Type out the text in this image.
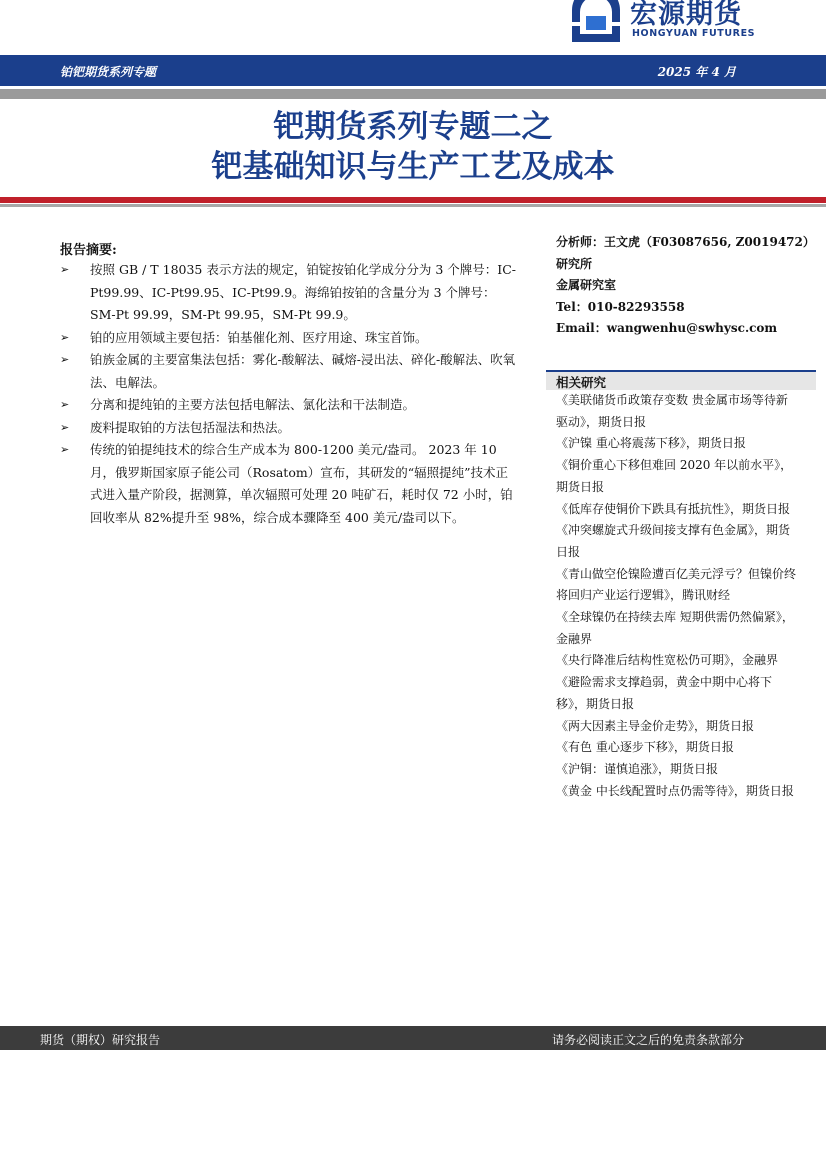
宏源期货
HONGYUAN FUTURES
铂钯期货系列专题	2025 年 4 月
钯期货系列专题二之
钯基础知识与生产工艺及成本
报告摘要:
➢ 按照 GB / T 18035 表示方法的规定，铂锭按铂化学成分分为 3 个牌号：IC-Pt99.99、IC-Pt99.95、IC-Pt99.9。海绵铂按铂的含量分为 3 个牌号：SM-Pt 99.99，SM-Pt 99.95，SM-Pt 99.9。
➢ 铂的应用领域主要包括：铂基催化剂、医疗用途、珠宝首饰。
➢ 铂族金属的主要富集法包括：雾化-酸解法、碱熔-浸出法、碎化-酸解法、吹氧法、电解法。
➢ 分离和提纯铂的主要方法包括电解法、氯化法和干法制造。
➢ 废料提取铂的方法包括湿法和热法。
➢ 传统的铂提纯技术的综合生产成本为 800-1200 美元/盎司。 2023 年 10 月，俄罗斯国家原子能公司（Rosatom）宣布，其研发的“辐照提纯”技术正式进入量产阶段，据测算，单次辐照可处理 20 吨矿石，耗时仅 72 小时，铂回收率从 82%提升至 98%，综合成本骤降至 400 美元/盎司以下。
分析师：王文虎（F03087656, Z0019472）
研究所
金属研究室
Tel：010-82293558
Email：wangwenhu@swhysc.com
相关研究
《美联储货币政策存变数 贵金属市场等待新驱动》，期货日报
《沪镍 重心将震荡下移》，期货日报
《铜价重心下移但难回 2020 年以前水平》，期货日报
《低库存使铜价下跌具有抵抗性》，期货日报
《冲突螺旋式升级间接支撑有色金属》，期货日报
《青山做空伦镍险遭百亿美元浮亏？但镍价终将回归产业运行逻辑》，腾讯财经
《全球镍仍在持续去库 短期供需仍然偏紧》，金融界
《央行降准后结构性宽松仍可期》，金融界
《避险需求支撑趋弱，黄金中期中心将下移》，期货日报
《两大因素主导金价走势》，期货日报
《有色 重心逐步下移》，期货日报
《沪铜：谨慎追涨》，期货日报
《黄金 中长线配置时点仍需等待》，期货日报
期货（期权）研究报告	请务必阅读正文之后的免责条款部分
